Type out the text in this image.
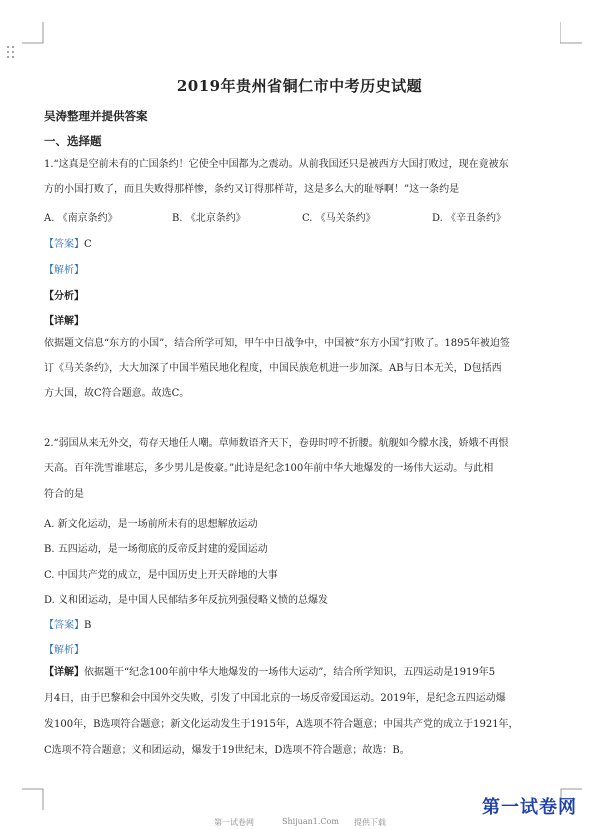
2019年贵州省铜仁市中考历史试题
吴涛整理并提供答案
一、选择题
1.“这真是空前未有的亡国条约！它使全中国都为之震动。从前我国还只是被西方大国打败过，现在竟被东
方的小国打败了，而且失败得那样惨，条约又订得那样苛，这是多么大的耻辱啊！”这一条约是
A. 《南京条约》	B. 《北京条约》	C. 《马关条约》	D. 《辛丑条约》
【答案】C
【解析】
【分析】
【详解】
依据题文信息“东方的小国”，结合所学可知，甲午中日战争中，中国被“东方小国”打败了。1895年被迫签
订《马关条约》，大大加深了中国半殖民地化程度，中国民族危机进一步加深。AB与日本无关，D包括西
方大国，故C符合题意。故选C。
2.“弱国从来无外交，苟存天地任人嘲。草师数语齐天下，卷毋时哼不折腰。航舰如今艨水浅，娇娥不再恨
天高。百年洗雪谁堪忘，多少男儿是俊豪。”此诗是纪念100年前中华大地爆发的一场伟大运动。与此相
符合的是
A. 新文化运动，是一场前所未有的思想解放运动
B. 五四运动，是一场彻底的反帝反封建的爱国运动
C. 中国共产党的成立，是中国历史上开天辟地的大事
D. 义和团运动，是中国人民郁结多年反抗列强侵略义愤的总爆发
【答案】B
【解析】
【详解】依据题干“纪念100年前中华大地爆发的一场伟大运动”，结合所学知识，五四运动是1919年5
月4日，由于巴黎和会中国外交失败，引发了中国北京的一场反帝爱国运动。2019年，是纪念五四运动爆
发100年，B选项符合题意；新文化运动发生于1915年，A选项不符合题意；中国共产党的成立于1921年，
C选项不符合题意；义和团运动，爆发于19世纪末，D选项不符合题意；故选：B。
第一试卷网
第一试卷网	Shijuan1.Com 提供下载
